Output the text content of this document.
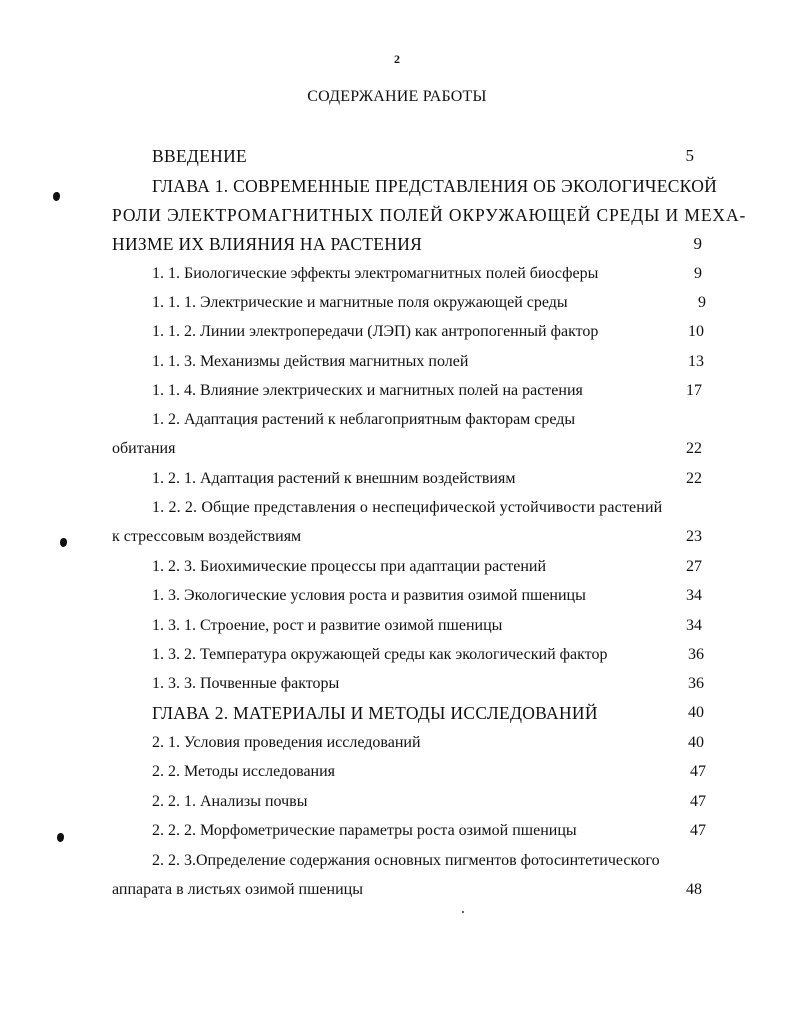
2
СОДЕРЖАНИЕ РАБОТЫ
ВВЕДЕНИЕ	5
ГЛАВА 1. СОВРЕМЕННЫЕ ПРЕДСТАВЛЕНИЯ ОБ ЭКОЛОГИЧЕСКОЙ
РОЛИ ЭЛЕКТРОМАГНИТНЫХ ПОЛЕЙ ОКРУЖАЮЩЕЙ СРЕДЫ И МЕХА-
НИЗМЕ ИХ ВЛИЯНИЯ НА РАСТЕНИЯ	9
1. 1. Биологические эффекты электромагнитных полей биосферы	9
1. 1. 1. Электрические и магнитные поля окружающей среды	9
1. 1. 2. Линии электропередачи (ЛЭП) как антропогенный фактор	10
1. 1. 3. Механизмы действия магнитных полей	13
1. 1. 4. Влияние электрических и магнитных полей на растения	17
1. 2. Адаптация растений к неблагоприятным факторам среды
обитания	22
1. 2. 1. Адаптация растений к внешним воздействиям	22
1. 2. 2. Общие представления о неспецифической устойчивости растений
к стрессовым воздействиям	23
1. 2. 3. Биохимические процессы при адаптации растений	27
1. 3. Экологические условия роста и развития озимой пшеницы	34
1. 3. 1. Строение, рост и развитие озимой пшеницы	34
1. 3. 2. Температура окружающей среды как экологический фактор	36
1. 3. 3. Почвенные факторы	36
ГЛАВА 2. МАТЕРИАЛЫ И МЕТОДЫ ИССЛЕДОВАНИЙ	40
2. 1. Условия проведения исследований	40
2. 2. Методы исследования	47
2. 2. 1. Анализы почвы	47
2. 2. 2. Морфометрические параметры роста озимой пшеницы	47
2. 2. 3.Определение содержания основных пигментов фотосинтетического
аппарата в листьях озимой пшеницы	48
